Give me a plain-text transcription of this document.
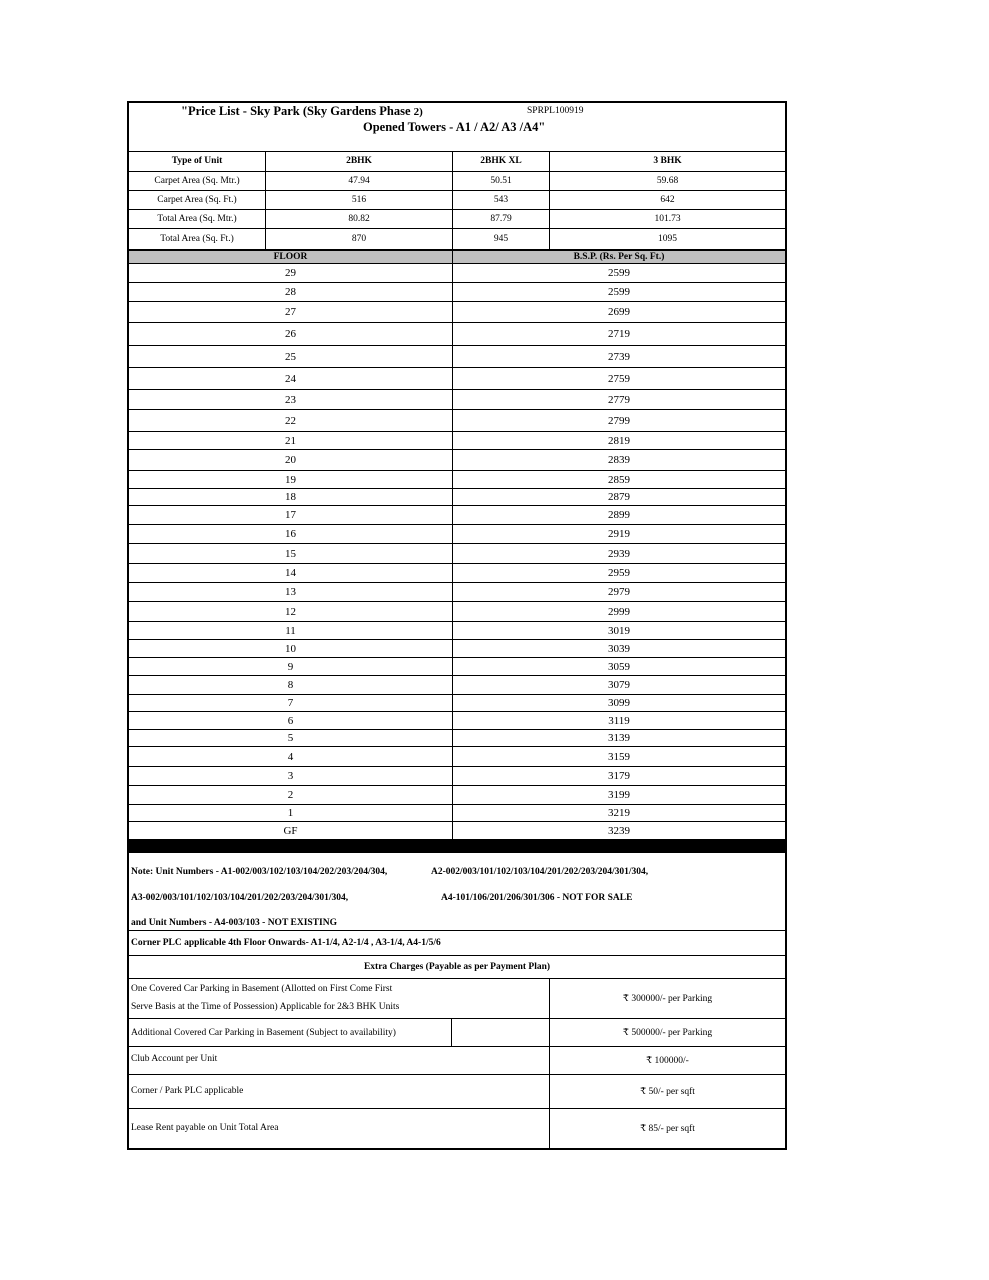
"Price List - Sky Park (Sky Gardens Phase 2)	SPRPL100919
Opened Towers - A1 / A2/ A3 /A4"
Type of Unit	2BHK	2BHK XL	3 BHK
Carpet Area (Sq. Mtr.)	47.94	50.51	59.68
Carpet Area (Sq. Ft.)	516	543	642
Total Area (Sq. Mtr.)	80.82	87.79	101.73
Total Area (Sq. Ft.)	870	945	1095
FLOOR	B.S.P. (Rs. Per Sq. Ft.)
29	2599
28	2599
27	2699
26	2719
25	2739
24	2759
23	2779
22	2799
21	2819
20	2839
19	2859
18	2879
17	2899
16	2919
15	2939
14	2959
13	2979
12	2999
11	3019
10	3039
9	3059
8	3079
7	3099
6	3119
5	3139
4	3159
3	3179
2	3199
1	3219
GF	3239
Note: Unit Numbers - A1-002/003/102/103/104/202/203/204/304,	A2-002/003/101/102/103/104/201/202/203/204/301/304,
A3-002/003/101/102/103/104/201/202/203/204/301/304,	A4-101/106/201/206/301/306 - NOT FOR SALE
and Unit Numbers - A4-003/103 - NOT EXISTING
Corner PLC applicable 4th Floor Onwards- A1-1/4, A2-1/4 , A3-1/4, A4-1/5/6
Extra Charges (Payable as per Payment Plan)
One Covered Car Parking in Basement (Allotted on First Come First
Serve Basis at the Time of Possession) Applicable for 2&3 BHK Units
₹ 300000/- per Parking
Additional Covered Car Parking in Basement (Subject to availability)	₹ 500000/- per Parking
Club Account per Unit	₹ 100000/-
Corner / Park PLC applicable	₹ 50/- per sqft
Lease Rent payable on Unit Total Area	₹ 85/- per sqft
